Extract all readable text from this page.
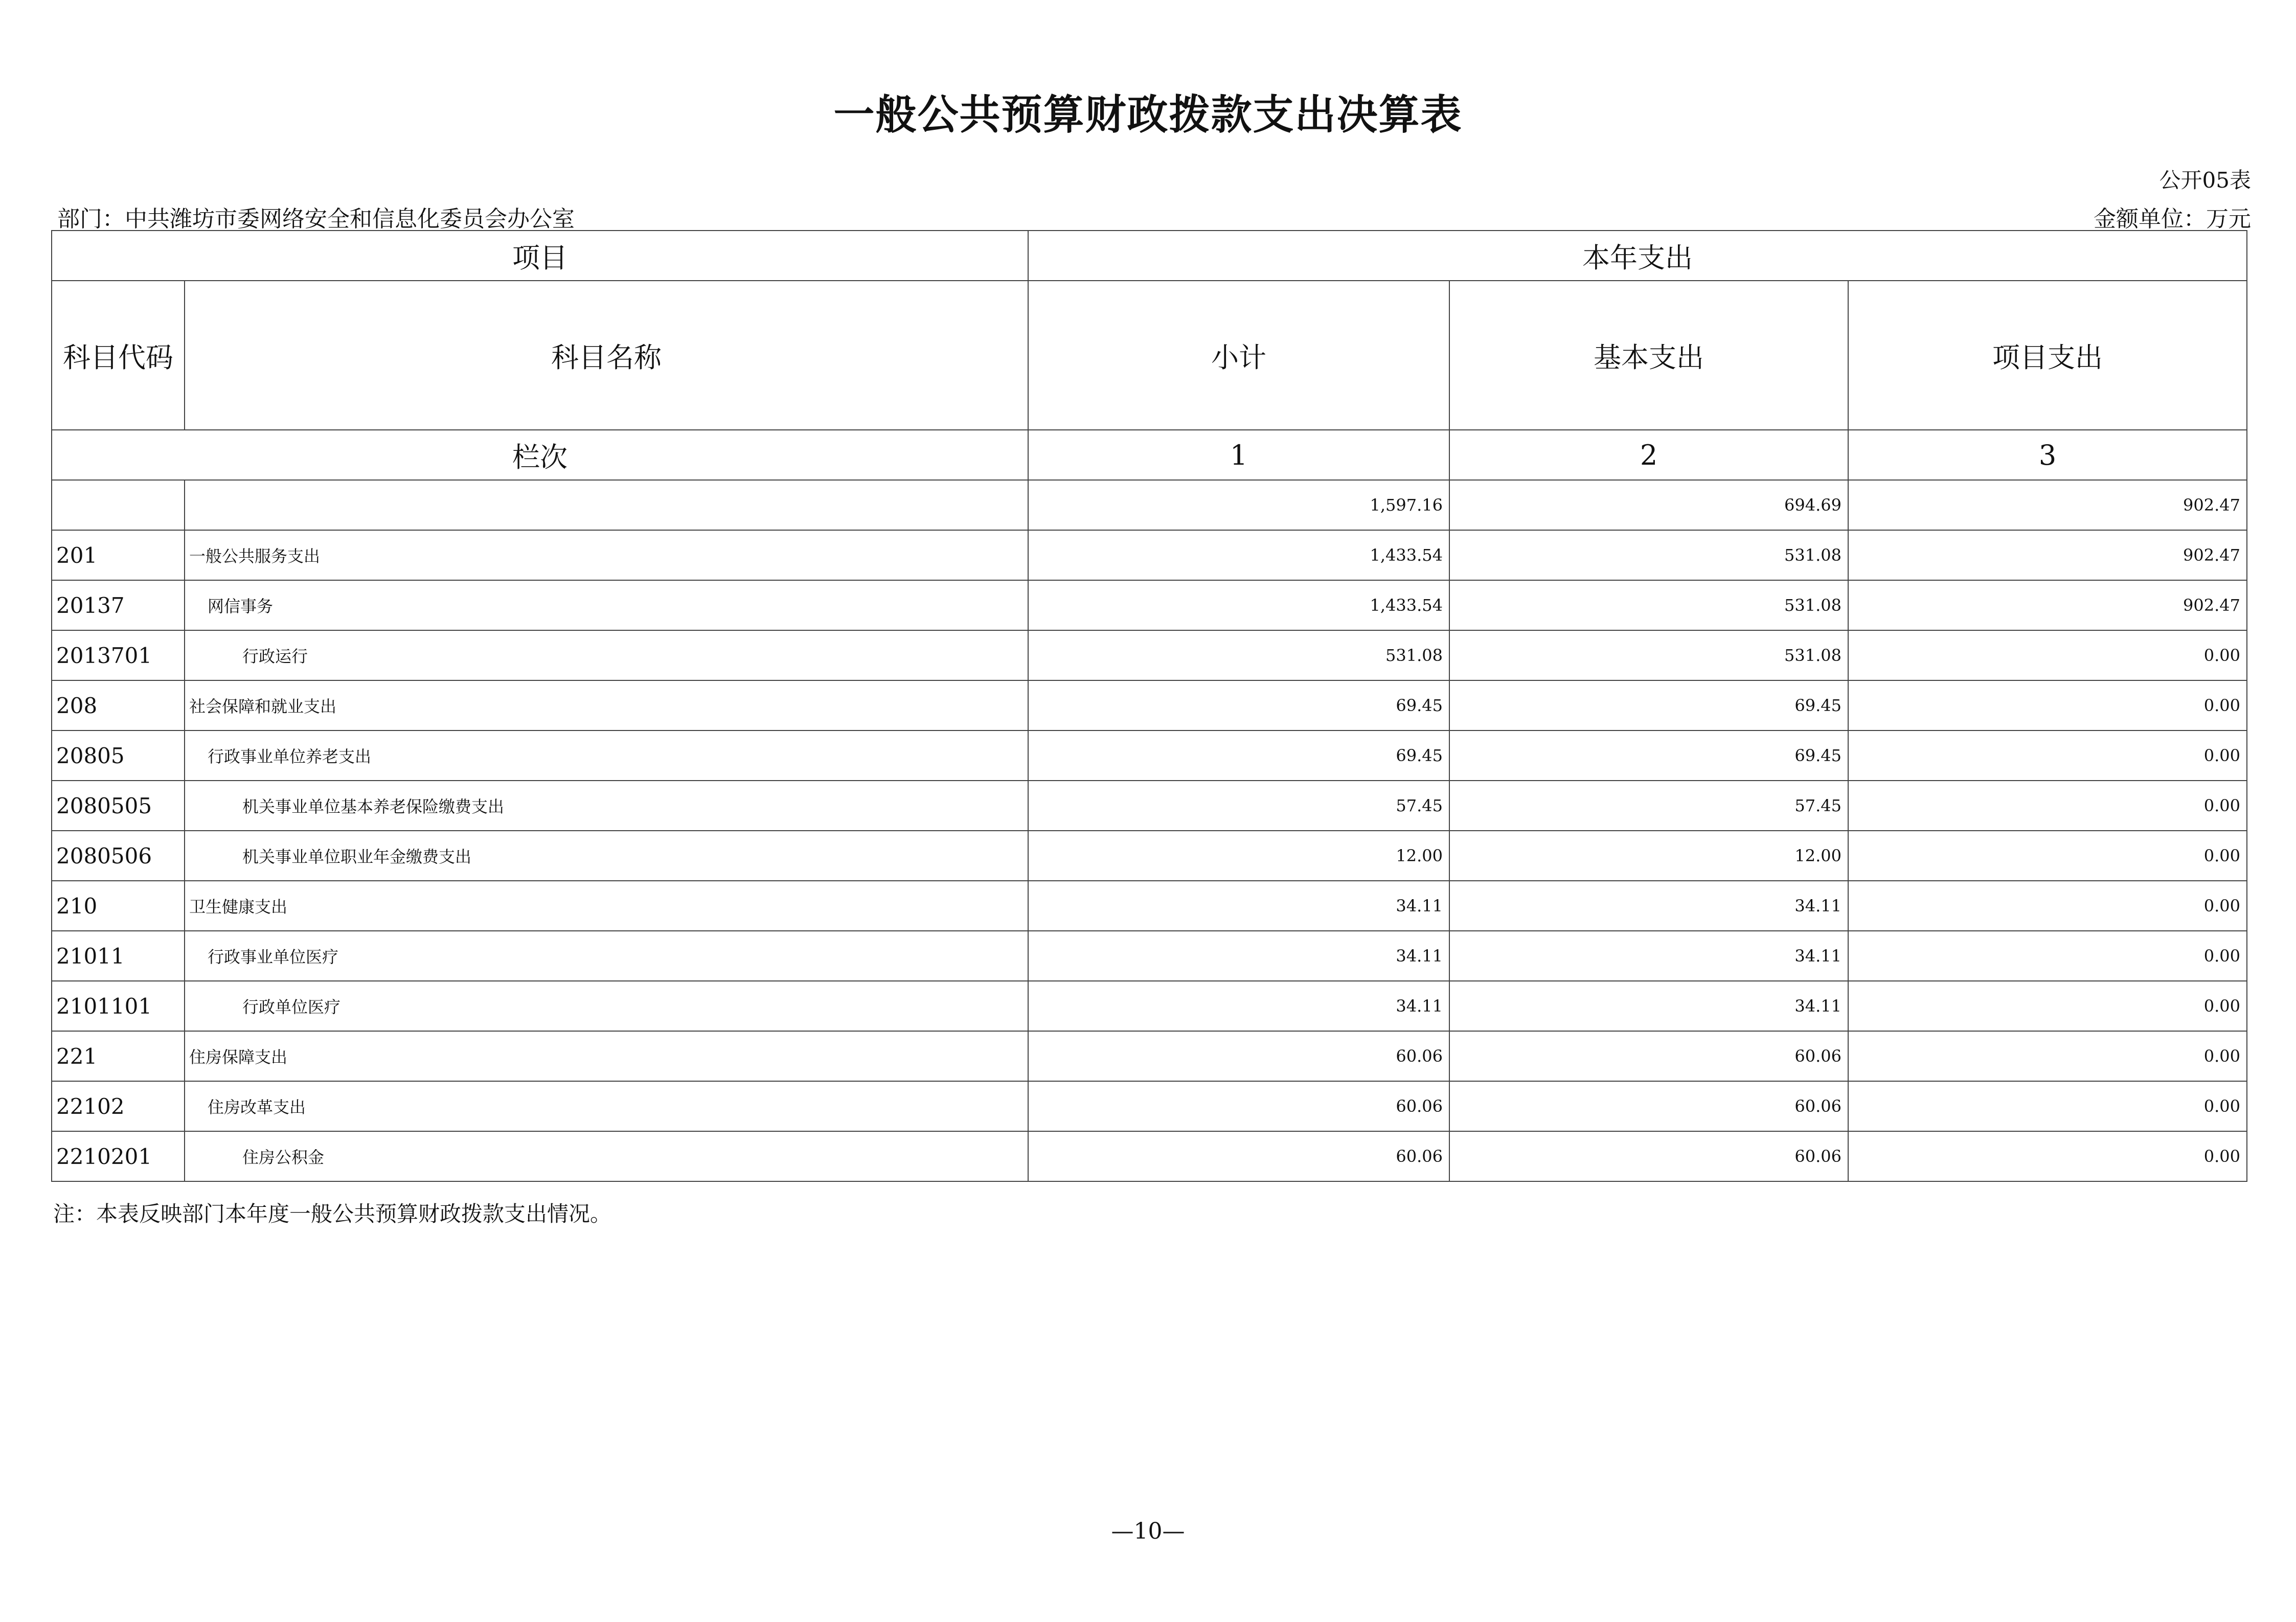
一般公共预算财政拨款支出决算表
公开05表
部门：中共潍坊市委网络安全和信息化委员会办公室	金额单位：万元
项目		本年支出		
科目代码	科目名称	小计	基本支出	项目支出
栏次		1	2	3
		1,597.16	694.69	902.47
201	一般公共服务支出	1,433.54	531.08	902.47
20137	网信事务	1,433.54	531.08	902.47
2013701	行政运行	531.08	531.08	0.00
208	社会保障和就业支出	69.45	69.45	0.00
20805	行政事业单位养老支出	69.45	69.45	0.00
2080505	机关事业单位基本养老保险缴费支出	57.45	57.45	0.00
2080506	机关事业单位职业年金缴费支出	12.00	12.00	0.00
210	卫生健康支出	34.11	34.11	0.00
21011	行政事业单位医疗	34.11	34.11	0.00
2101101	行政单位医疗	34.11	34.11	0.00
221	住房保障支出	60.06	60.06	0.00
22102	住房改革支出	60.06	60.06	0.00
2210201	住房公积金	60.06	60.06	0.00
注：本表反映部门本年度一般公共预算财政拨款支出情况。
—10—
